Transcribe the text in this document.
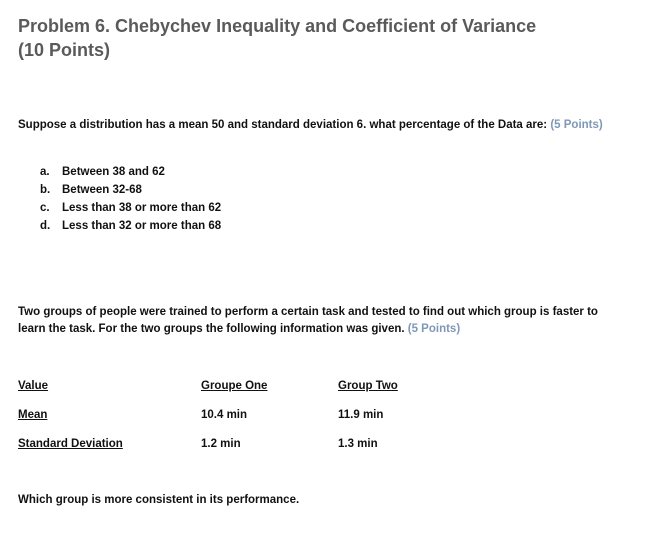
Problem 6. Chebychev Inequality and Coefficient of Variance
(10 Points)
Suppose a distribution has a mean 50 and standard deviation 6. what percentage of the Data are: (5 Points)
a. Between 38 and 62
b. Between 32-68
c. Less than 38 or more than 62
d. Less than 32 or more than 68
Two groups of people were trained to perform a certain task and tested to find out which group is faster to learn the task. For the two groups the following information was given. (5 Points)
Value	Groupe One	Group Two
Mean	10.4 min	11.9 min
Standard Deviation	1.2 min	1.3 min
Which group is more consistent in its performance.
